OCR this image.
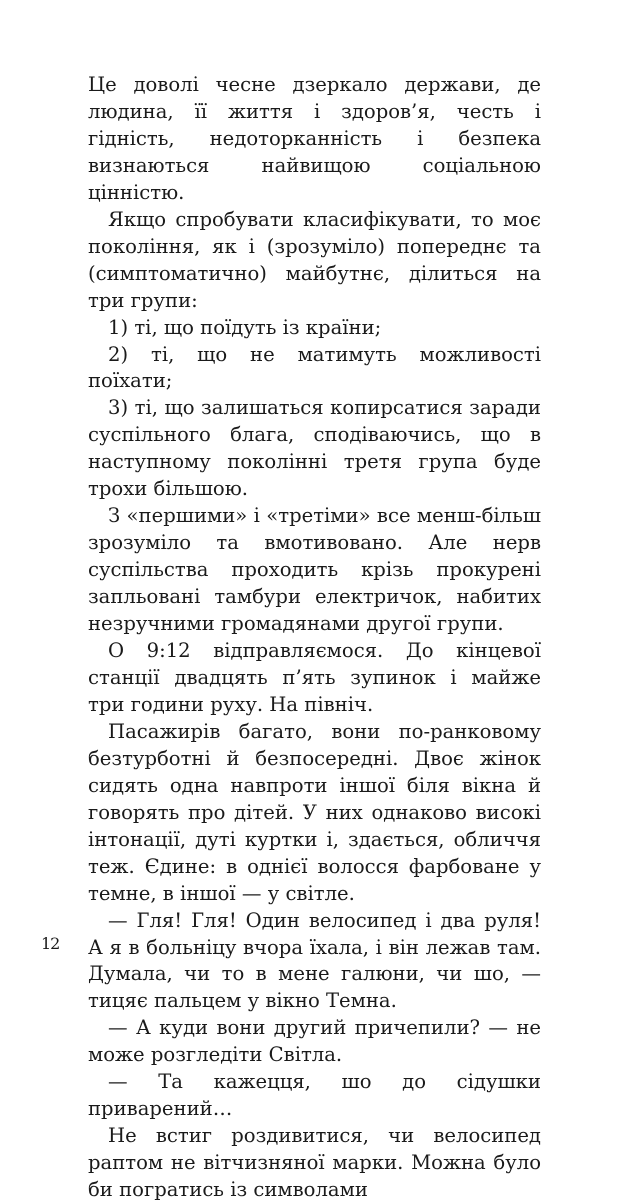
Це доволі чесне дзеркало держави, де людина, її життя і здоров’я, честь і гідність, недоторканність і безпека визнаються найвищою соціальною цінністю.

Якщо спробувати класифікувати, то моє покоління, як і (зрозуміло) попереднє та (симптоматично) майбутнє, ділиться на три групи:

1) ті, що поїдуть із країни;

2) ті, що не матимуть можливості поїхати;

3) ті, що залишаться копирсатися заради суспільного блага, сподіваючись, що в наступному поколінні третя група буде трохи більшою.

З «першими» і «третіми» все менш-більш зрозуміло та вмотивовано. Але нерв суспільства проходить крізь прокурені запльовані тамбури електричок, набитих незручними громадянами другої групи.

О 9:12 відправляємося. До кінцевої станції двадцять п’ять зупинок і майже три години руху. На північ.

Пасажирів багато, вони по-ранковому безтурботні й безпосередні. Двоє жінок сидять одна навпроти іншої біля вікна й говорять про дітей. У них однаково високі інтонації, дуті куртки і, здається, обличчя теж. Єдине: в однієї волосся фарбоване у темне, в іншої — у світле.

— Гля! Гля! Один велосипед і два руля! А я в больніцу вчора їхала, і він лежав там. Думала, чи то в мене галюни, чи шо, — тицяє пальцем у вікно Темна.

— А куди вони другий причепили? — не може розгледіти Світла.

— Та кажецця, шо до сідушки приварений…

Не встиг роздивитися, чи велосипед раптом не вітчизняної марки. Можна було би погратись із символами

12
